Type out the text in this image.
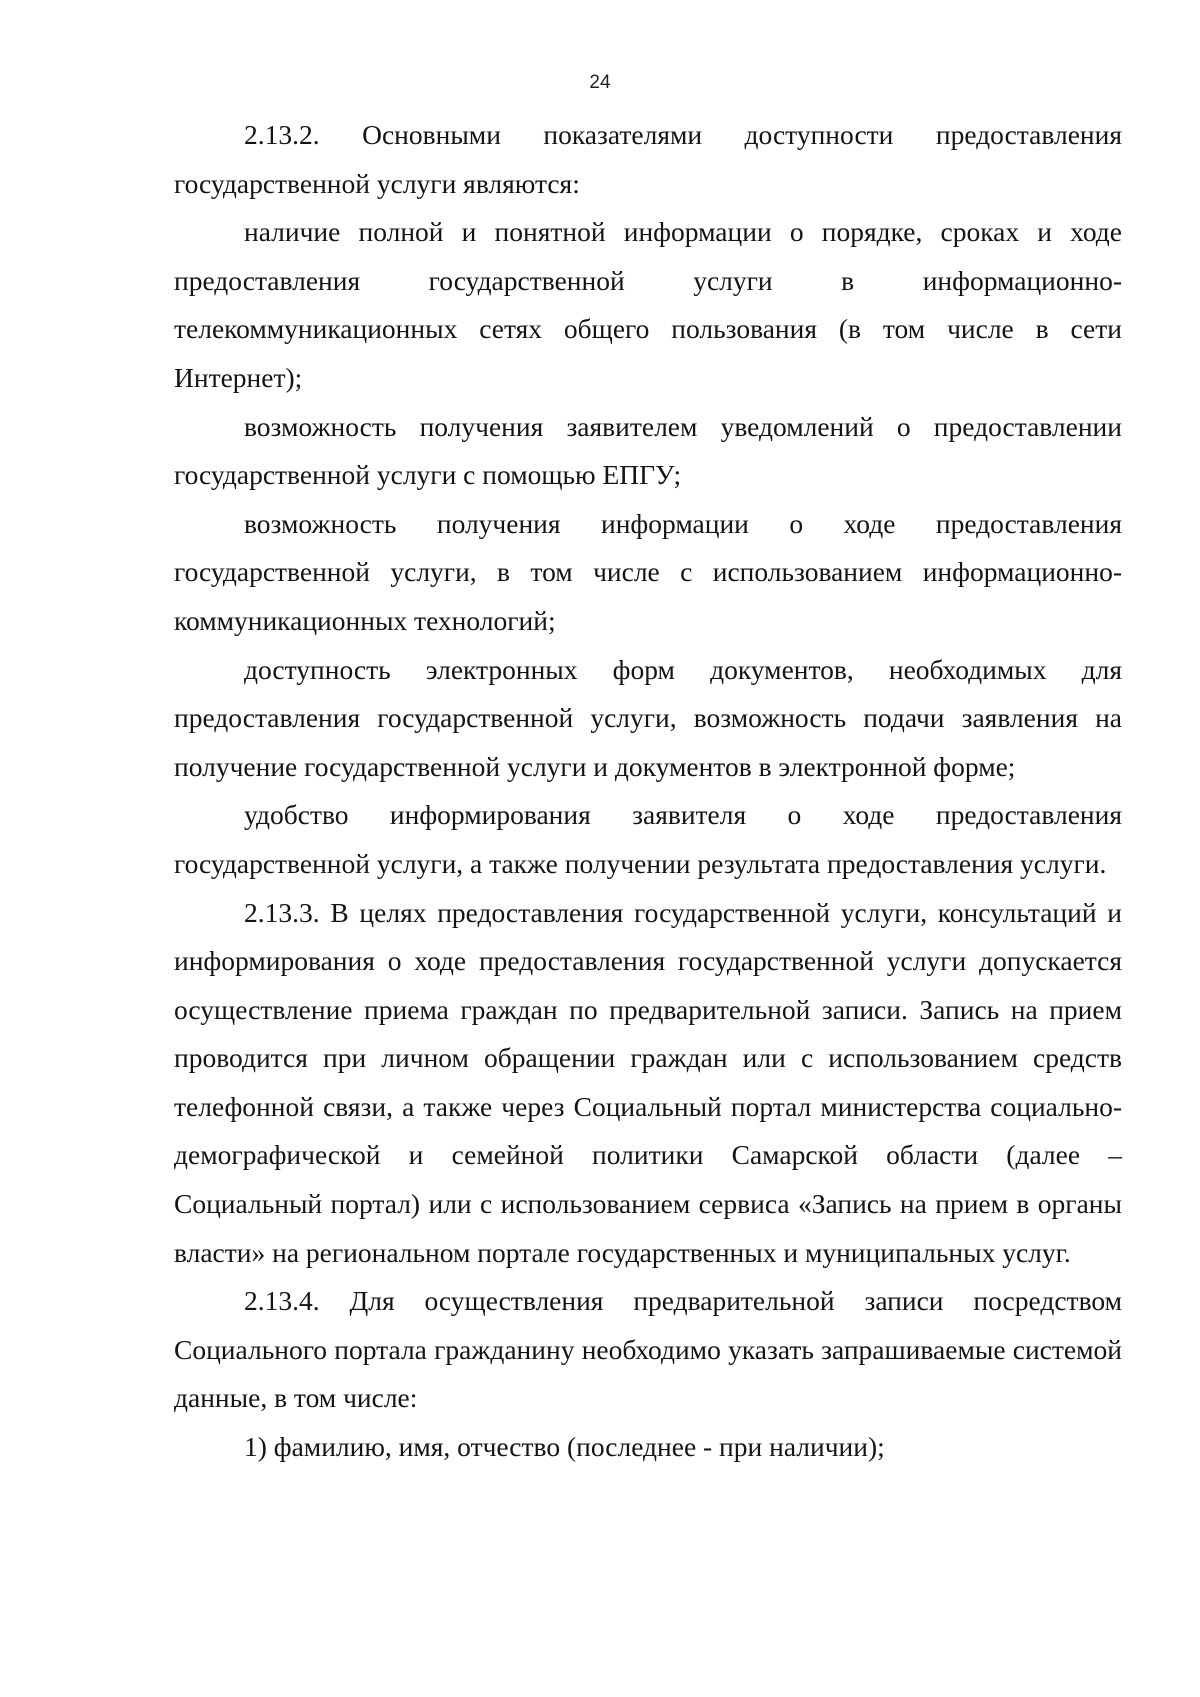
24

2.13.2. Основными показателями доступности предоставления государственной услуги являются:

наличие полной и понятной информации о порядке, сроках и ходе предоставления государственной услуги в информационно-телекоммуникационных сетях общего пользования (в том числе в сети Интернет);

возможность получения заявителем уведомлений о предоставлении государственной услуги с помощью ЕПГУ;

возможность получения информации о ходе предоставления государственной услуги, в том числе с использованием информационно-коммуникационных технологий;

доступность электронных форм документов, необходимых для предоставления государственной услуги, возможность подачи заявления на получение государственной услуги и документов в электронной форме;

удобство информирования заявителя о ходе предоставления государственной услуги, а также получении результата предоставления услуги.

2.13.3. В целях предоставления государственной услуги, консультаций и информирования о ходе предоставления государственной услуги допускается осуществление приема граждан по предварительной записи. Запись на прием проводится при личном обращении граждан или с использованием средств телефонной связи, а также через Социальный портал министерства социально-демографической и семейной политики Самарской области (далее – Социальный портал) или с использованием сервиса «Запись на прием в органы власти» на региональном портале государственных и муниципальных услуг.

2.13.4. Для осуществления предварительной записи посредством Социального портала гражданину необходимо указать запрашиваемые системой данные, в том числе:

1) фамилию, имя, отчество (последнее - при наличии);
